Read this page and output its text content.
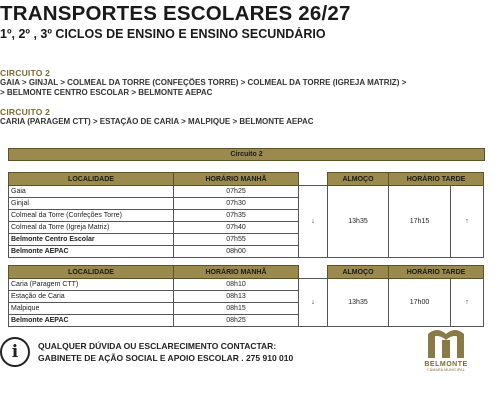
TRANSPORTES ESCOLARES 26/27
1º, 2º , 3º CICLOS DE ENSINO E ENSINO SECUNDÁRIO
CIRCUITO 2
GAIA > GINJAL > COLMEAL DA TORRE (CONFEÇÕES TORRE) > COLMEAL DA TORRE (IGREJA MATRIZ) >
> BELMONTE CENTRO ESCOLAR > BELMONTE AEPAC
CIRCUITO 2
CARIA (PARAGEM CTT) > ESTAÇÃO DE CARIA > MALPIQUE > BELMONTE AEPAC
Circuito 2
LOCALIDADE	HORÁRIO MANHÃ		ALMOÇO	HORÁRIO TARDE	
Gaia	07h25	↓	13h35	17h15	↑
Ginjal	07h30				
Colmeal da Torre (Confeções Torre)	07h35				
Colmeal da Torre (Igreja Matriz)	07h40				
Belmonte Centro Escolar	07h55				
Belmonte AEPAC	08h00				
LOCALIDADE	HORÁRIO MANHÃ		ALMOÇO	HORÁRIO TARDE	
Caria (Paragem CTT)	08h10	↓	13h35	17h00	↑
Estação de Caria	08h13				
Malpique	08h15				
Belmonte AEPAC	08h25				
i	QUALQUER DÚVIDA OU ESCLARECIMENTO CONTACTAR:
GABINETE DE AÇÃO SOCIAL E APOIO ESCOLAR . 275 910 010
BELMONTE
CÂMARA MUNICIPAL
